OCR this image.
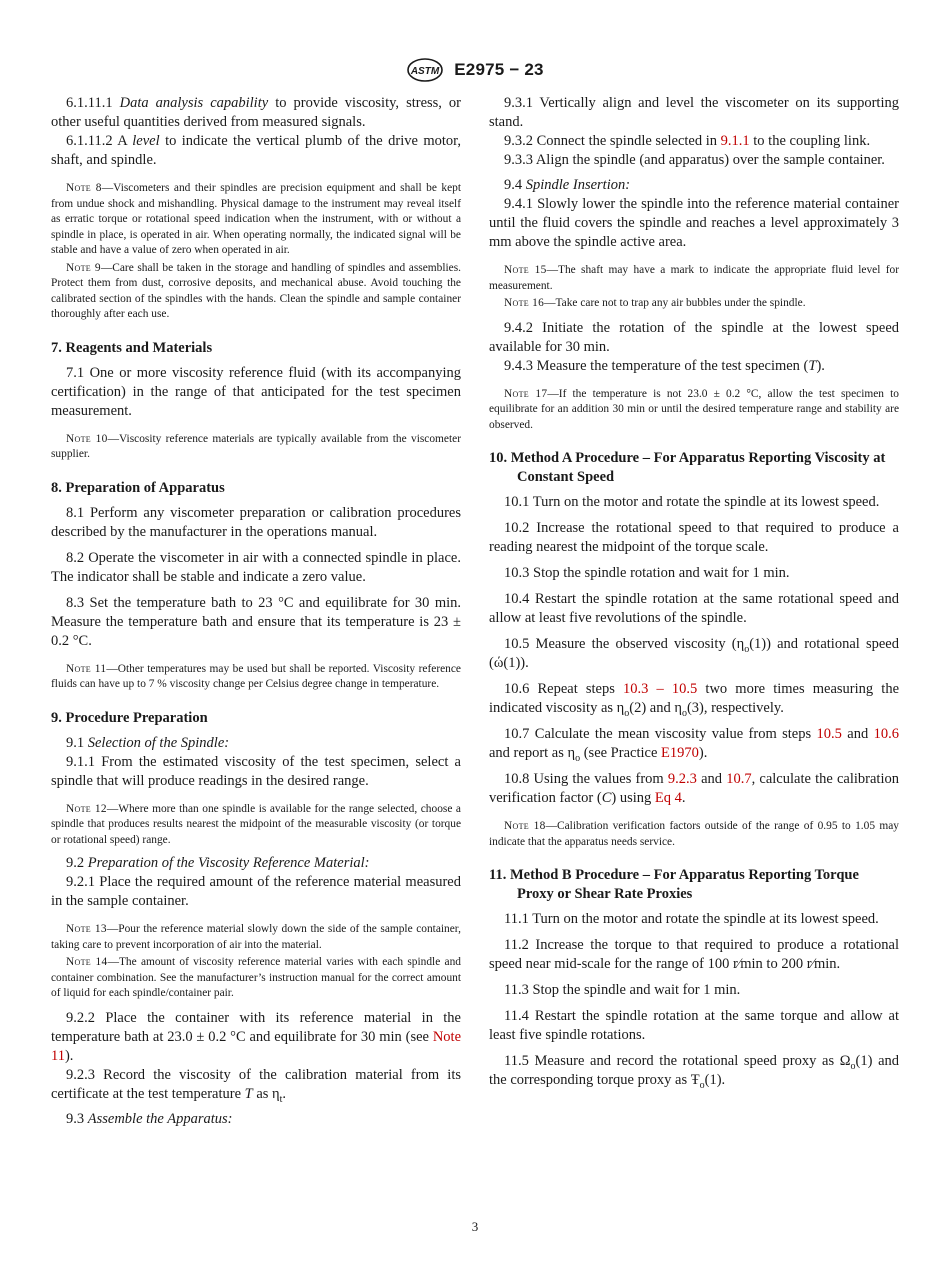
ASTM E2975 − 23

6.1.11.1 Data analysis capability to provide viscosity, stress, or other useful quantities derived from measured signals.

6.1.11.2 A level to indicate the vertical plumb of the drive motor, shaft, and spindle.

Note 8—Viscometers and their spindles are precision equipment and shall be kept from undue shock and mishandling. Physical damage to the instrument may reveal itself as erratic torque or rotational speed indication when the instrument, with or without a spindle in place, is operated in air. When operating normally, the indicated signal will be stable and have a value of zero when operated in air.

Note 9—Care shall be taken in the storage and handling of spindles and assemblies. Protect them from dust, corrosive deposits, and mechanical abuse. Avoid touching the calibrated section of the spindles with the hands. Clean the spindle and sample container thoroughly after each use.

7. Reagents and Materials

7.1 One or more viscosity reference fluid (with its accompanying certification) in the range of that anticipated for the test specimen measurement.

Note 10—Viscosity reference materials are typically available from the viscometer supplier.

8. Preparation of Apparatus

8.1 Perform any viscometer preparation or calibration procedures described by the manufacturer in the operations manual.

8.2 Operate the viscometer in air with a connected spindle in place. The indicator shall be stable and indicate a zero value.

8.3 Set the temperature bath to 23 °C and equilibrate for 30 min. Measure the temperature bath and ensure that its temperature is 23 ± 0.2 °C.

Note 11—Other temperatures may be used but shall be reported. Viscosity reference fluids can have up to 7 % viscosity change per Celsius degree change in temperature.

9. Procedure Preparation

9.1 Selection of the Spindle:

9.1.1 From the estimated viscosity of the test specimen, select a spindle that will produce readings in the desired range.

Note 12—Where more than one spindle is available for the range selected, choose a spindle that produces results nearest the midpoint of the measurable viscosity (or torque or rotational speed) range.

9.2 Preparation of the Viscosity Reference Material:

9.2.1 Place the required amount of the reference material measured in the sample container.

Note 13—Pour the reference material slowly down the side of the sample container, taking care to prevent incorporation of air into the material.

Note 14—The amount of viscosity reference material varies with each spindle and container combination. See the manufacturer’s instruction manual for the correct amount of liquid for each spindle/container pair.

9.2.2 Place the container with its reference material in the temperature bath at 23.0 ± 0.2 °C and equilibrate for 30 min (see Note 11).

9.2.3 Record the viscosity of the calibration material from its certificate at the test temperature T as $\eta_t$.

9.3 Assemble the Apparatus:

9.3.1 Vertically align and level the viscometer on its supporting stand.

9.3.2 Connect the spindle selected in 9.1.1 to the coupling link.

9.3.3 Align the spindle (and apparatus) over the sample container.

9.4 Spindle Insertion:

9.4.1 Slowly lower the spindle into the reference material container until the fluid covers the spindle and reaches a level approximately 3 mm above the spindle active area.

Note 15—The shaft may have a mark to indicate the appropriate fluid level for measurement.

Note 16—Take care not to trap any air bubbles under the spindle.

9.4.2 Initiate the rotation of the spindle at the lowest speed available for 30 min.

9.4.3 Measure the temperature of the test specimen (T).

Note 17—If the temperature is not 23.0 ± 0.2 °C, allow the test specimen to equilibrate for an addition 30 min or until the desired temperature range and stability are observed.

10. Method A Procedure – For Apparatus Reporting Viscosity at Constant Speed

10.1 Turn on the motor and rotate the spindle at its lowest speed.

10.2 Increase the rotational speed to that required to produce a reading nearest the midpoint of the torque scale.

10.3 Stop the spindle rotation and wait for 1 min.

10.4 Restart the spindle rotation at the same rotational speed and allow at least five revolutions of the spindle.

10.5 Measure the observed viscosity $(\eta_o(1))$ and rotational speed (ώ(1)).

10.6 Repeat steps 10.3 – 10.5 two more times measuring the indicated viscosity as $\eta_o(2)$ and $\eta_o(3)$, respectively.

10.7 Calculate the mean viscosity value from steps 10.5 and 10.6 and report as $\eta_o$ (see Practice E1970).

10.8 Using the values from 9.2.3 and 10.7, calculate the calibration verification factor (C) using Eq 4.

Note 18—Calibration verification factors outside of the range of 0.95 to 1.05 may indicate that the apparatus needs service.

11. Method B Procedure – For Apparatus Reporting Torque Proxy or Shear Rate Proxies

11.1 Turn on the motor and rotate the spindle at its lowest speed.

11.2 Increase the torque to that required to produce a rotational speed near mid-scale for the range of 100 r⁄min to 200 r⁄min.

11.3 Stop the spindle and wait for 1 min.

11.4 Restart the spindle rotation at the same torque and allow at least five spindle rotations.

11.5 Measure and record the rotational speed proxy as $\Omega_o(1)$ and the corresponding torque proxy as $Ŧ_o(1)$.

3
